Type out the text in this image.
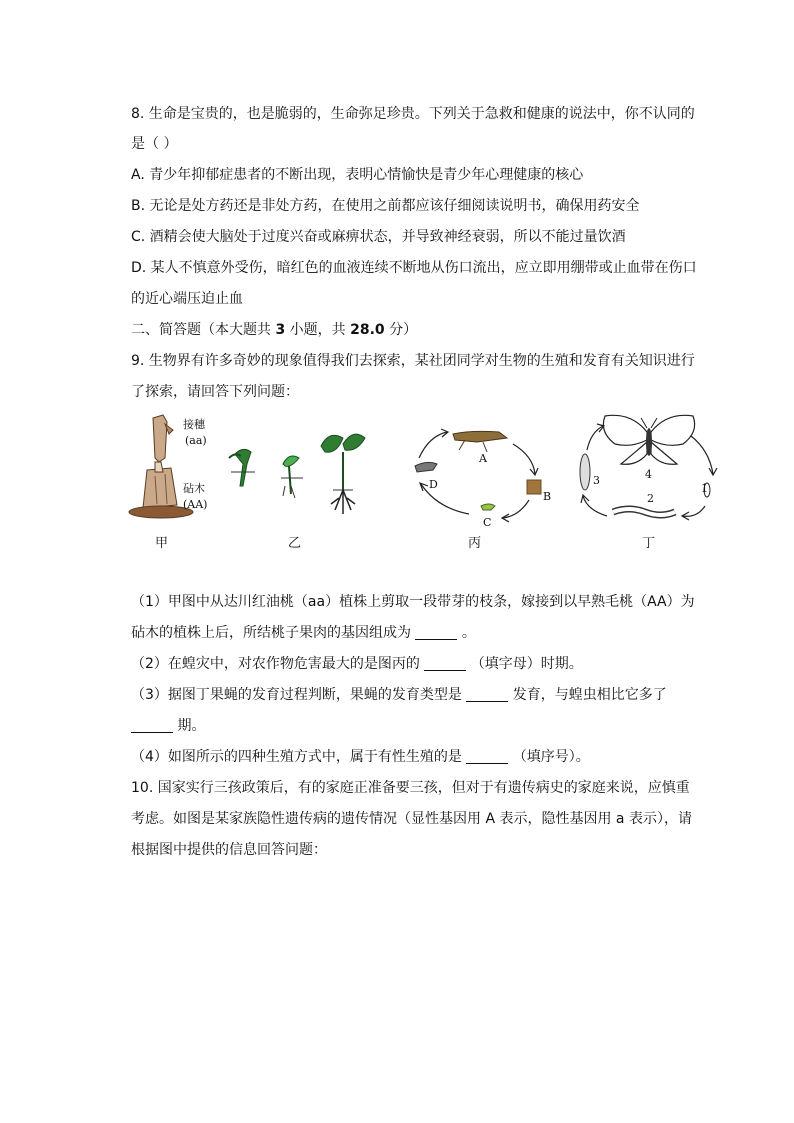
8. 生命是宝贵的，也是脆弱的，生命弥足珍贵。下列关于急救和健康的说法中，你不认同的
是（ ）
A. 青少年抑郁症患者的不断出现，表明心情愉快是青少年心理健康的核心
B. 无论是处方药还是非处方药，在使用之前都应该仔细阅读说明书，确保用药安全
C. 酒精会使大脑处于过度兴奋或麻痹状态，并导致神经衰弱，所以不能过量饮酒
D. 某人不慎意外受伤，暗红色的血液连续不断地从伤口流出，应立即用绷带或止血带在伤口
的近心端压迫止血
二、简答题（本大题共 3 小题，共 28.0 分）
9. 生物界有许多奇妙的现象值得我们去探索，某社团同学对生物的生殖和发育有关知识进行
了探索，请回答下列问题：
接穗
(aa)
砧木
(AA)
甲	乙
A
B
C
D
丙
4
1
2
3
丁
（1）甲图中从达川红油桃（aa）植株上剪取一段带芽的枝条，嫁接到以早熟毛桃（AA）为
砧木的植株上后，所结桃子果肉的基因组成为	。
（2）在蝗灾中，对农作物危害最大的是图丙的	（填字母）时期。
（3）据图丁果蝇的发育过程判断，果蝇的发育类型是	发育，与蝗虫相比它多了
期。
（4）如图所示的四种生殖方式中，属于有性生殖的是	（填序号）。
10. 国家实行三孩政策后，有的家庭正准备要三孩，但对于有遗传病史的家庭来说，应慎重
考虑。如图是某家族隐性遗传病的遗传情况（显性基因用 A 表示，隐性基因用 a 表示），请
根据图中提供的信息回答问题：
